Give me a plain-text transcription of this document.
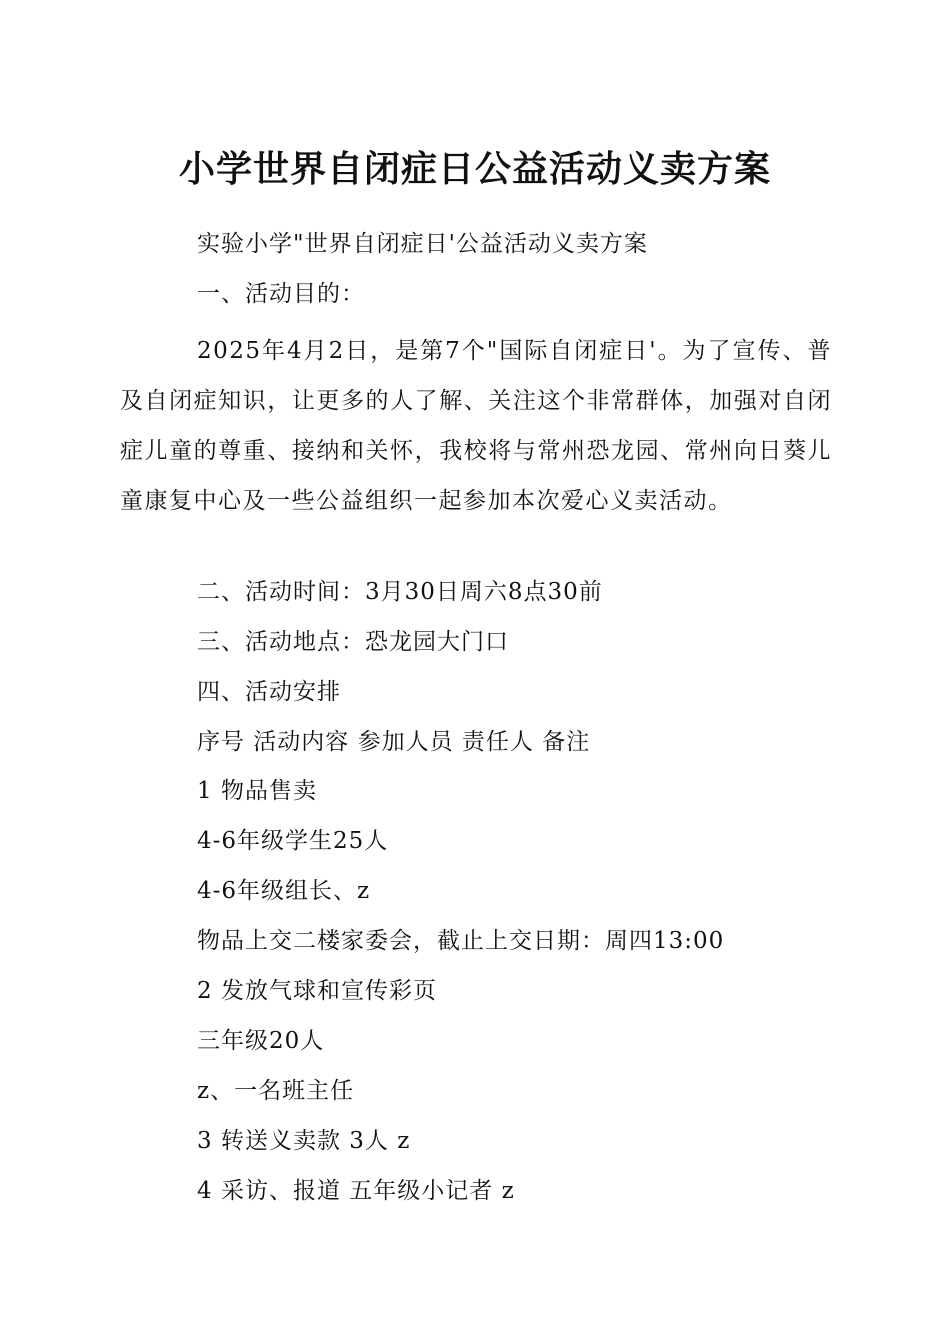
小学世界自闭症日公益活动义卖方案
实验小学"世界自闭症日'公益活动义卖方案
一、活动目的：
2025年4月2日，是第7个"国际自闭症日'。为了宣传、普及自闭症知识，让更多的人了解、关注这个非常群体，加强对自闭症儿童的尊重、接纳和关怀，我校将与常州恐龙园、常州向日葵儿童康复中心及一些公益组织一起参加本次爱心义卖活动。
二、活动时间：3月30日周六8点30前
三、活动地点：恐龙园大门口
四、活动安排
序号 活动内容 参加人员 责任人 备注
1 物品售卖
4-6年级学生25人
4-6年级组长、z
物品上交二楼家委会，截止上交日期：周四13:00
2 发放气球和宣传彩页
三年级20人
z、一名班主任
3 转送义卖款 3人 z
4 采访、报道 五年级小记者 z
